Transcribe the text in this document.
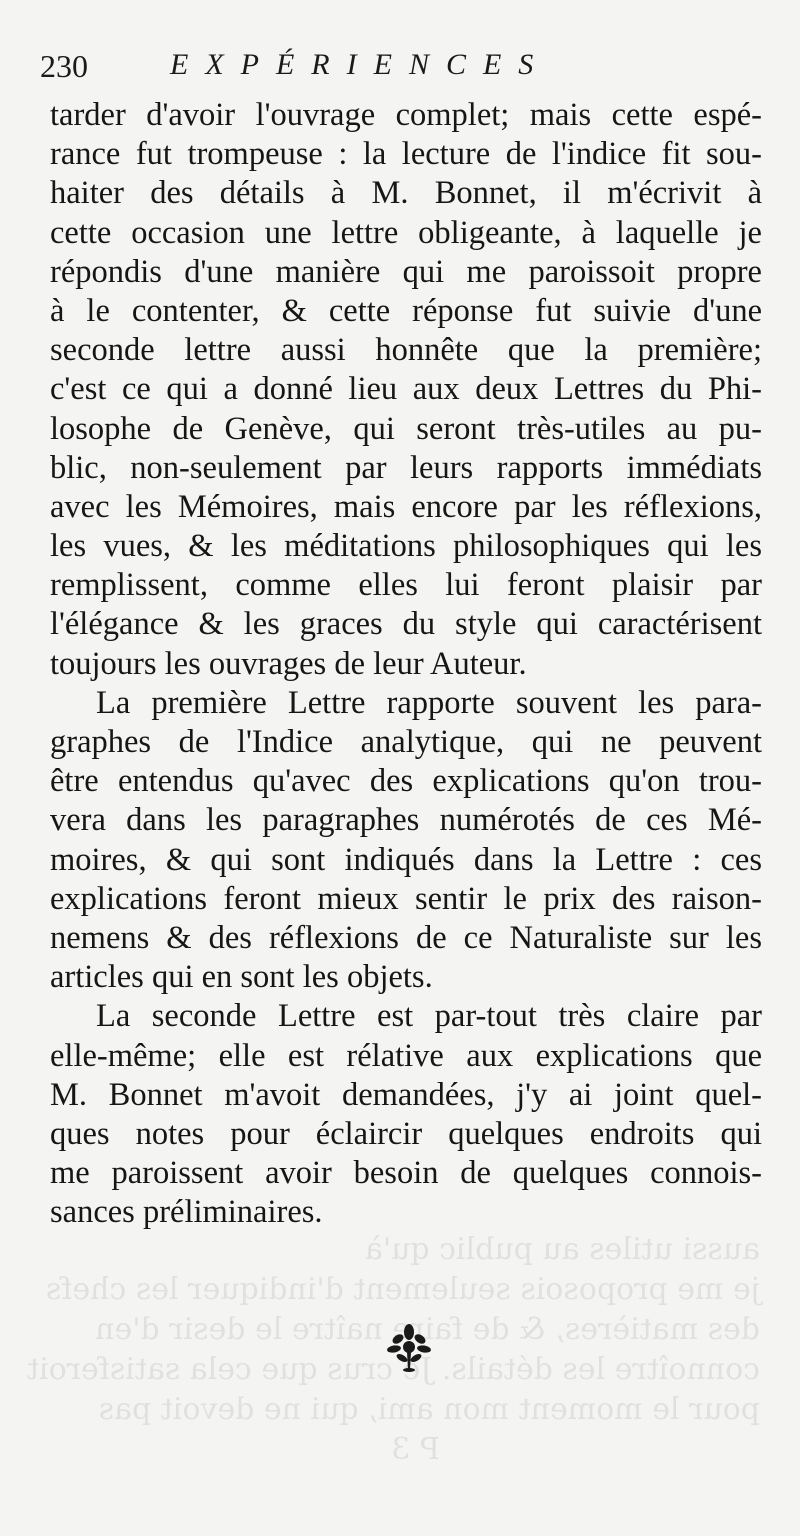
aussi utiles au public qu'à
je me proposois seulement d'indiquer les chefs
des matières, & de faire naître le desir d'en
connoître les détails. Je crus que cela satisferoit
pour le moment mon ami, qui ne devoit pas
P 3
230	EXPÉRIENCES
tarder d'avoir l'ouvrage complet; mais cette espé-
rance fut trompeuse : la lecture de l'indice fit sou-
haiter des détails à M. Bonnet, il m'écrivit à
cette occasion une lettre obligeante, à laquelle je
répondis d'une manière qui me paroissoit propre
à le contenter, & cette réponse fut suivie d'une
seconde lettre aussi honnête que la première;
c'est ce qui a donné lieu aux deux Lettres du Phi-
losophe de Genève, qui seront très-utiles au pu-
blic, non-seulement par leurs rapports immédiats
avec les Mémoires, mais encore par les réflexions,
les vues, & les méditations philosophiques qui les
remplissent, comme elles lui feront plaisir par
l'élégance & les graces du style qui caractérisent
toujours les ouvrages de leur Auteur.
La première Lettre rapporte souvent les para-
graphes de l'Indice analytique, qui ne peuvent
être entendus qu'avec des explications qu'on trou-
vera dans les paragraphes numérotés de ces Mé-
moires, & qui sont indiqués dans la Lettre : ces
explications feront mieux sentir le prix des raison-
nemens & des réflexions de ce Naturaliste sur les
articles qui en sont les objets.
La seconde Lettre est par-tout très claire par
elle-même; elle est rélative aux explications que
M. Bonnet m'avoit demandées, j'y ai joint quel-
ques notes pour éclaircir quelques endroits qui
me paroissent avoir besoin de quelques connois-
sances préliminaires.
